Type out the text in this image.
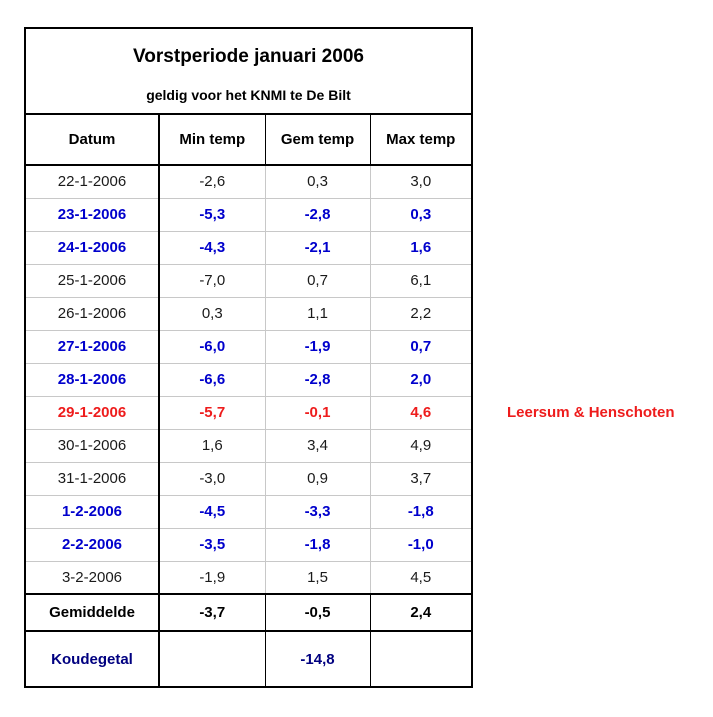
Vorstperiode januari 2006
geldig voor het KNMI te De Bilt
Datum	Min temp	Gem temp	Max temp
22-1-2006	-2,6	0,3	3,0
23-1-2006	-5,3	-2,8	0,3
24-1-2006	-4,3	-2,1	1,6
25-1-2006	-7,0	0,7	6,1
26-1-2006	0,3	1,1	2,2
27-1-2006	-6,0	-1,9	0,7
28-1-2006	-6,6	-2,8	2,0
29-1-2006	-5,7	-0,1	4,6
30-1-2006	1,6	3,4	4,9
31-1-2006	-3,0	0,9	3,7
1-2-2006	-4,5	-3,3	-1,8
2-2-2006	-3,5	-1,8	-1,0
3-2-2006	-1,9	1,5	4,5
Gemiddelde	-3,7	-0,5	2,4
Koudegetal		-14,8	
Leersum & Henschoten
